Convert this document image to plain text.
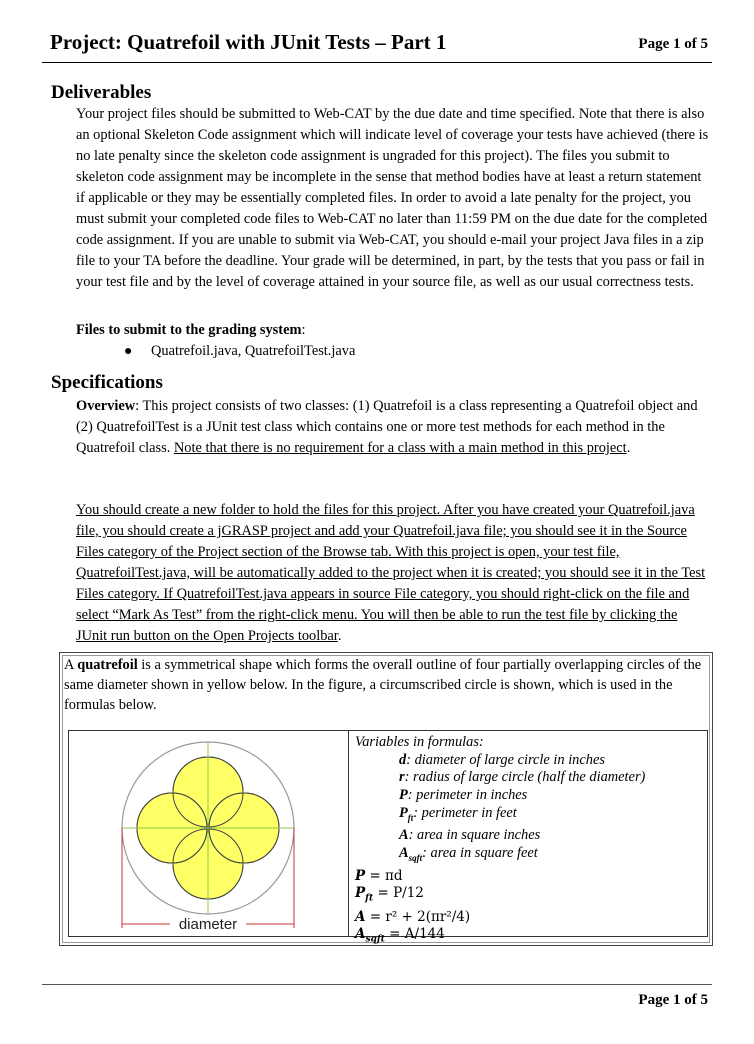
Project: Quatrefoil with JUnit Tests – Part 1	Page 1 of 5
Deliverables

Your project files should be submitted to Web-CAT by the due date and time specified. Note that there is also an optional Skeleton Code assignment which will indicate level of coverage your tests have achieved (there is no late penalty since the skeleton code assignment is ungraded for this project). The files you submit to skeleton code assignment may be incomplete in the sense that method bodies have at least a return statement if applicable or they may be essentially completed files. In order to avoid a late penalty for the project, you must submit your completed code files to Web-CAT no later than 11:59 PM on the due date for the completed code assignment. If you are unable to submit via Web-CAT, you should e-mail your project Java files in a zip file to your TA before the deadline. Your grade will be determined, in part, by the tests that you pass or fail in your test file and by the level of coverage attained in your source file, as well as our usual correctness tests.

Files to submit to the grading system:
● Quatrefoil.java, QuatrefoilTest.java
Specifications

Overview: This project consists of two classes: (1) Quatrefoil is a class representing a Quatrefoil object and (2) QuatrefoilTest is a JUnit test class which contains one or more test methods for each method in the Quatrefoil class. Note that there is no requirement for a class with a main method in this project.

You should create a new folder to hold the files for this project. After you have created your Quatrefoil.java file, you should create a jGRASP project and add your Quatrefoil.java file; you should see it in the Source Files category of the Project section of the Browse tab. With this project is open, your test file, QuatrefoilTest.java, will be automatically added to the project when it is created; you should see it in the Test Files category. If QuatrefoilTest.java appears in source File category, you should right-click on the file and select “Mark As Test” from the right-click menu. You will then be able to run the test file by clicking the JUnit run button on the Open Projects toolbar.

A quatrefoil is a symmetrical shape which forms the overall outline of four partially overlapping circles of the same diameter shown in yellow below. In the figure, a circumscribed circle is shown, which is used in the formulas below.

diameter
Variables in formulas:
d: diameter of large circle in inches
r: radius of large circle (half the diameter)
P: perimeter in inches
$P_{ft}$: perimeter in feet
A: area in square inches
$A_{sqft}$: area in square feet
P = πd
$P_{ft} = P/12$
A = r² + 2(πr²/4)
$A_{sqft} = A/144$
Page 1 of 5
